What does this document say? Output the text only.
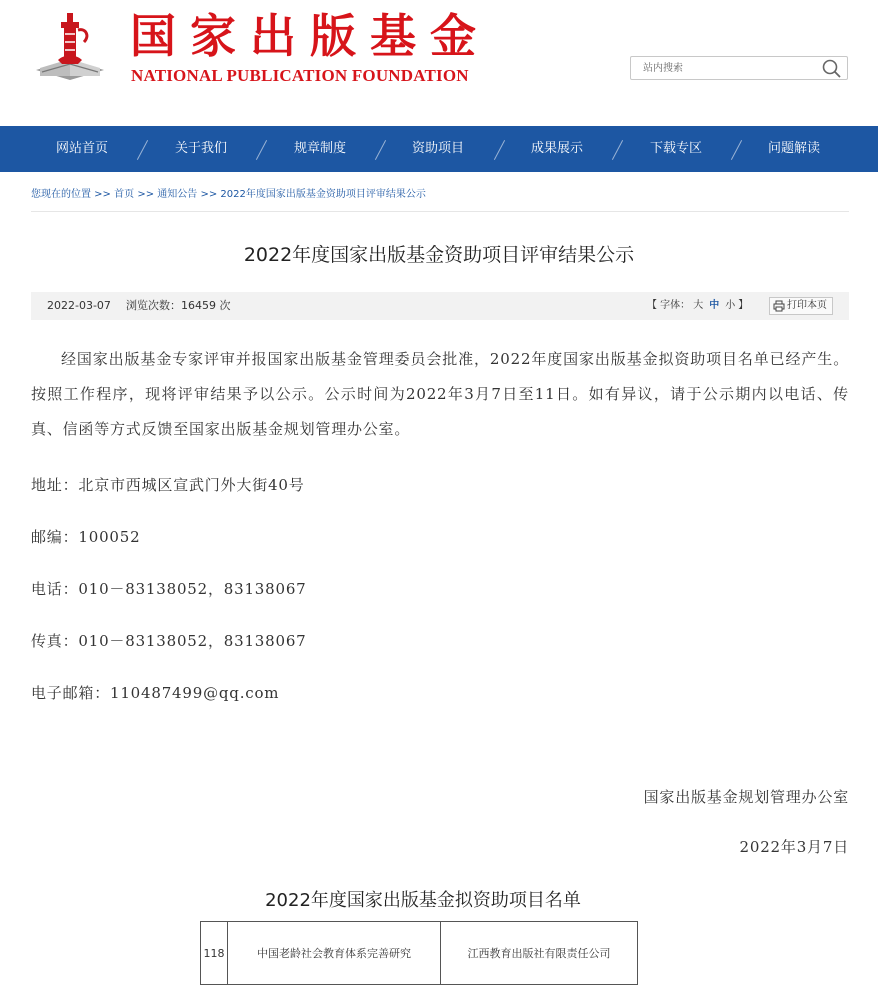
国家出版基金
NATIONAL PUBLICATION FOUNDATION
站内搜索
网站首页	关于我们	规章制度	资助项目	成果展示	下载专区	问题解读
您现在的位置 >> 首页 >> 通知公告 >> 2022年度国家出版基金资助项目评审结果公示
2022年度国家出版基金资助项目评审结果公示
2022-03-07 浏览次数：16459 次	【 字体： 大 中 小 】	打印本页
经国家出版基金专家评审并报国家出版基金管理委员会批准，2022年度国家出版基金拟资助项目名单已经产生。按照工作程序，现将评审结果予以公示。公示时间为2022年3月7日至11日。如有异议，请于公示期内以电话、传真、信函等方式反馈至国家出版基金规划管理办公室。
地址：北京市西城区宣武门外大街40号
邮编：100052
电话：010－83138052，83138067
传真：010－83138052，83138067
电子邮箱：110487499@qq.com
国家出版基金规划管理办公室
2022年3月7日
2022年度国家出版基金拟资助项目名单
118	中国老龄社会教育体系完善研究	江西教育出版社有限责任公司
